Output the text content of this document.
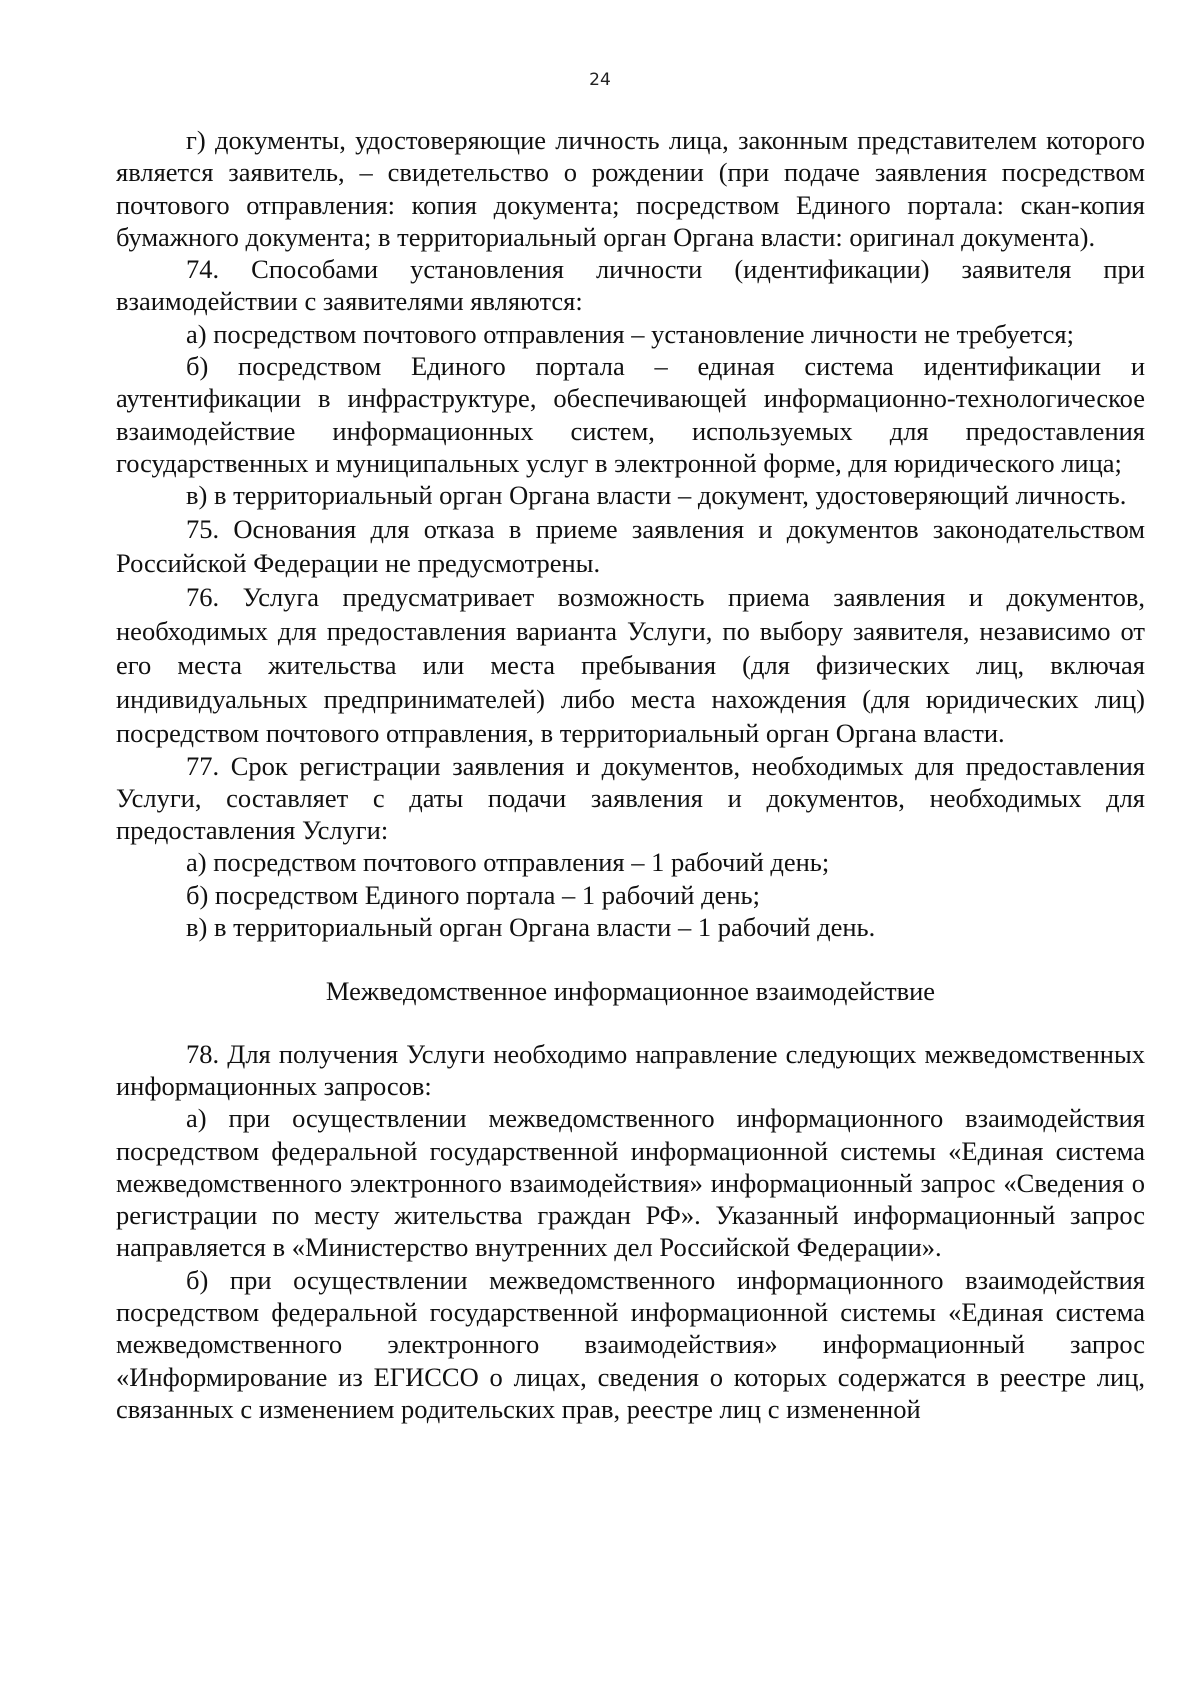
24

г) документы, удостоверяющие личность лица, законным представителем которого является заявитель, – свидетельство о рождении (при подаче заявления посредством почтового отправления: копия документа; посредством Единого портала: скан-копия бумажного документа; в территориальный орган Органа власти: оригинал документа).

74. Способами установления личности (идентификации) заявителя при взаимодействии с заявителями являются:

а) посредством почтового отправления – установление личности не требуется;

б) посредством Единого портала – единая система идентификации и аутентификации в инфраструктуре, обеспечивающей информационно-технологическое взаимодействие информационных систем, используемых для предоставления государственных и муниципальных услуг в электронной форме, для юридического лица;

в) в территориальный орган Органа власти – документ, удостоверяющий личность.

75. Основания для отказа в приеме заявления и документов законодательством Российской Федерации не предусмотрены.

76. Услуга предусматривает возможность приема заявления и документов, необходимых для предоставления варианта Услуги, по выбору заявителя, независимо от его места жительства или места пребывания (для физических лиц, включая индивидуальных предпринимателей) либо места нахождения (для юридических лиц) посредством почтового отправления, в территориальный орган Органа власти.

77. Срок регистрации заявления и документов, необходимых для предоставления Услуги, составляет с даты подачи заявления и документов, необходимых для предоставления Услуги:

а) посредством почтового отправления – 1 рабочий день;

б) посредством Единого портала – 1 рабочий день;

в) в территориальный орган Органа власти – 1 рабочий день.

Межведомственное информационное взаимодействие

78. Для получения Услуги необходимо направление следующих межведомственных информационных запросов:

а) при осуществлении межведомственного информационного взаимодействия посредством федеральной государственной информационной системы «Единая система межведомственного электронного взаимодействия» информационный запрос «Сведения о регистрации по месту жительства граждан РФ». Указанный информационный запрос направляется в «Министерство внутренних дел Российской Федерации».

б) при осуществлении межведомственного информационного взаимодействия посредством федеральной государственной информационной системы «Единая система межведомственного электронного взаимодействия» информационный запрос «Информирование из ЕГИССО о лицах, сведения о которых содержатся в реестре лиц, связанных с изменением родительских прав, реестре лиц с измененной
